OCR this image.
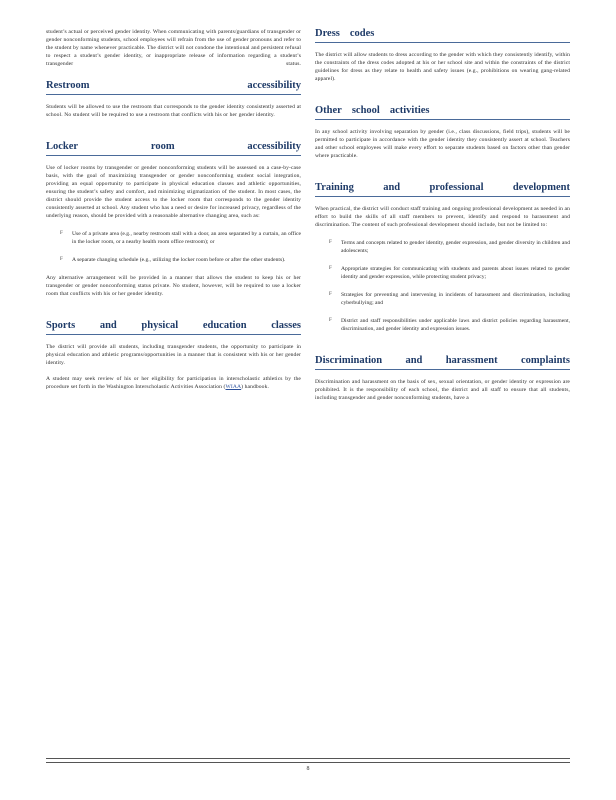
student’s actual or perceived gender identity. When communicating with parents/guardians of transgender or gender nonconforming students, school employees will refrain from the use of gender pronouns and refer to the student by name whenever practicable. The district will not condone the intentional and persistent refusal to respect a student’s gender identity, or inappropriate release of information regarding a student’s transgender status.

Restroom	accessibility

Students will be allowed to use the restroom that corresponds to the gender identity consistently asserted at school. No student will be required to use a restroom that conflicts with his or her gender identity.

Locker	room	accessibility

Use of locker rooms by transgender or gender nonconforming students will be assessed on a case-by-case basis, with the goal of maximizing transgender or gender nonconforming student social integration, providing an equal opportunity to participate in physical education classes and athletic opportunities, ensuring the student’s safety and comfort, and minimizing stigmatization of the student. In most cases, the district should provide the student access to the locker room that corresponds to the gender identity consistently asserted at school. Any student who has a need or desire for increased privacy, regardless of the underlying reason, should be provided with a reasonable alternative changing area, such as:

F Use of a private area (e.g., nearby restroom stall with a door, an area separated by a curtain, an office in the locker room, or a nearby health room office restroom); or
F A separate changing schedule (e.g., utilizing the locker room before or after the other students).

Any alternative arrangement will be provided in a manner that allows the student to keep his or her transgender or gender nonconforming status private. No student, however, will be required to use a locker room that conflicts with his or her gender identity.

Sports and physical education classes

The district will provide all students, including transgender students, the opportunity to participate in physical education and athletic programs/opportunities in a manner that is consistent with his or her gender identity.

A student may seek review of his or her eligibility for participation in interscholastic athletics by the procedure set forth in the Washington Interscholastic Activities Association (WIAA) handbook.

Dress codes

The district will allow students to dress according to the gender with which they consistently identify, within the constraints of the dress codes adopted at his or her school site and within the constraints of the district guidelines for dress as they relate to health and safety issues (e.g., prohibitions on wearing gang-related apparel).

Other school activities

In any school activity involving separation by gender (i.e., class discussions, field trips), students will be permitted to participate in accordance with the gender identity they consistently assert at school. Teachers and other school employees will make every effort to separate students based on factors other than gender where practicable.

Training	and	professional	development

When practical, the district will conduct staff training and ongoing professional development as needed in an effort to build the skills of all staff members to prevent, identify and respond to harassment and discrimination. The content of such professional development should include, but not be limited to:

F Terms and concepts related to gender identity, gender expression, and gender diversity in children and adolescents;
F Appropriate strategies for communicating with students and parents about issues related to gender identity and gender expression, while protecting student privacy;
F Strategies for preventing and intervening in incidents of harassment and discrimination, including cyberbullying; and
F District and staff responsibilities under applicable laws and district policies regarding harassment, discrimination, and gender identity and expression issues.
Discrimination and harassment complaints

Discrimination and harassment on the basis of sex, sexual orientation, or gender identity or expression are prohibited. It is the responsibility of each school, the district and all staff to ensure that all students, including transgender and gender nonconforming students, have a

8
